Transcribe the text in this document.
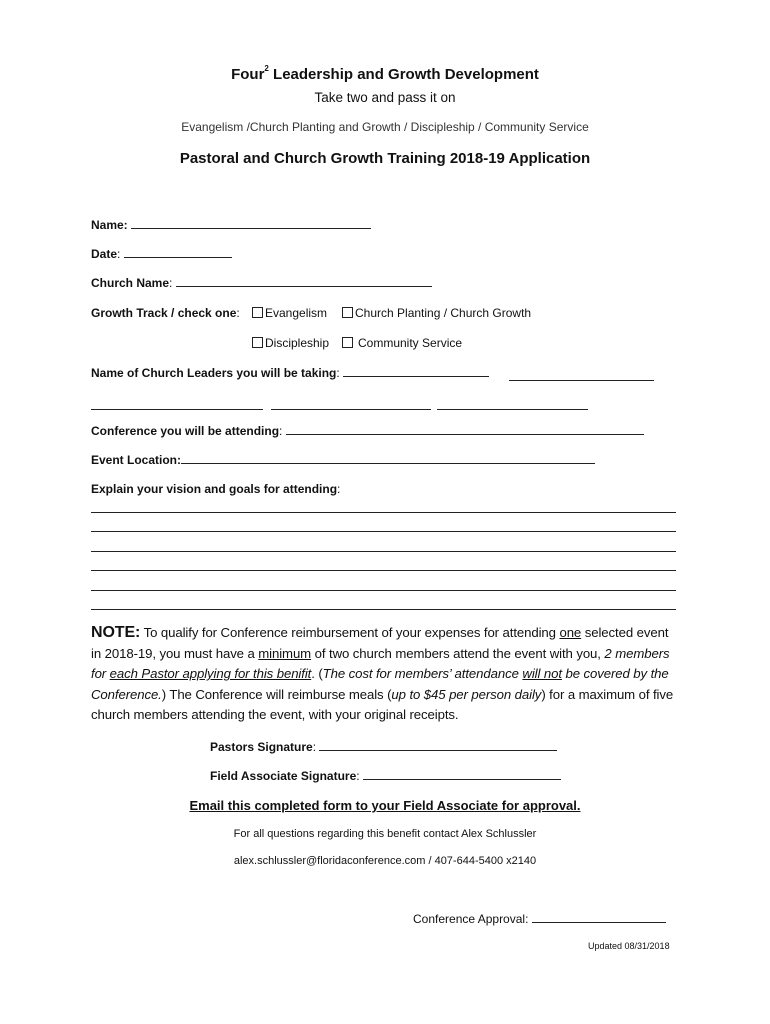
Four$^2$ Leadership and Growth Development
Take two and pass it on
Evangelism /Church Planting and Growth / Discipleship / Community Service
Pastoral and Church Growth Training 2018-19 Application
Name:
Date:
Church Name:
Growth Track / check one:	Evangelism	Church Planting / Church Growth
Discipleship	Community Service
Name of Church Leaders you will be taking:
Conference you will be attending:
Event Location:
Explain your vision and goals for attending:
NOTE: To qualify for Conference reimbursement of your expenses for attending one selected event in 2018-19, you must have a minimum of two church members attend the event with you, 2 members for each Pastor applying for this benifit. (The cost for members’ attendance will not be covered by the Conference.) The Conference will reimburse meals (up to $45 per person daily) for a maximum of five church members attending the event, with your original receipts.
Pastors Signature:
Field Associate Signature:
Email this completed form to your Field Associate for approval.
For all questions regarding this benefit contact Alex Schlussler
alex.schlussler@floridaconference.com / 407-644-5400 x2140
Conference Approval:
Updated 08/31/2018
